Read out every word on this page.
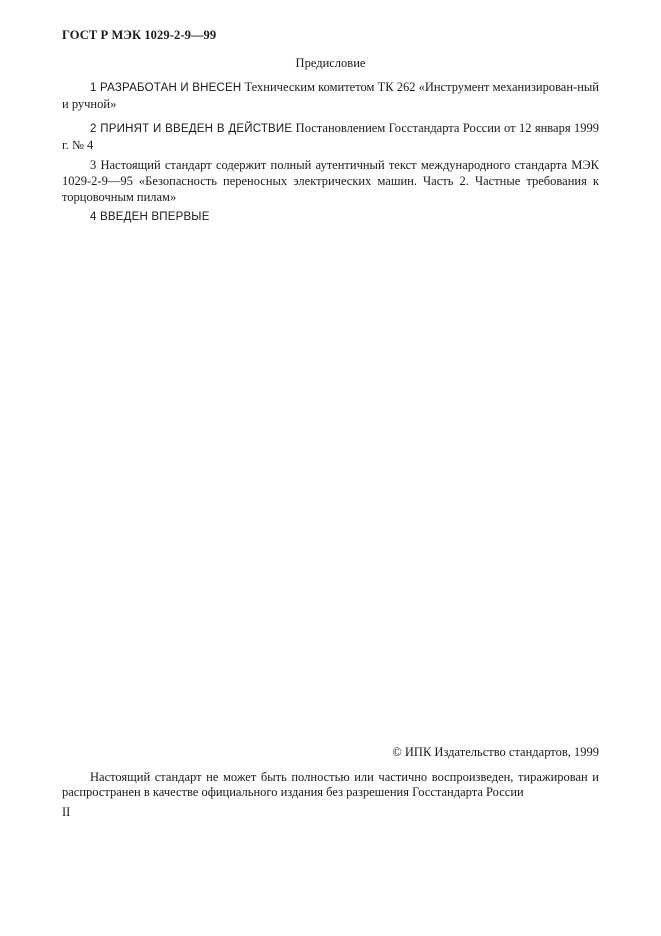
ГОСТ Р МЭК 1029-2-9—99
Предисловие

1 РАЗРАБОТАН И ВНЕСЕН Техническим комитетом ТК 262 «Инструмент механизирован-ный и ручной»

2 ПРИНЯТ И ВВЕДЕН В ДЕЙСТВИЕ Постановлением Госстандарта России от 12 января 1999 г. № 4

3 Настоящий стандарт содержит полный аутентичный текст международного стандарта МЭК 1029-2-9—95 «Безопасность переносных электрических машин. Часть 2. Частные требования к торцовочным пилам»

4 ВВЕДЕН ВПЕРВЫЕ

© ИПК Издательство стандартов, 1999

Настоящий стандарт не может быть полностью или частично воспроизведен, тиражирован и распространен в качестве официального издания без разрешения Госстандарта России

II
